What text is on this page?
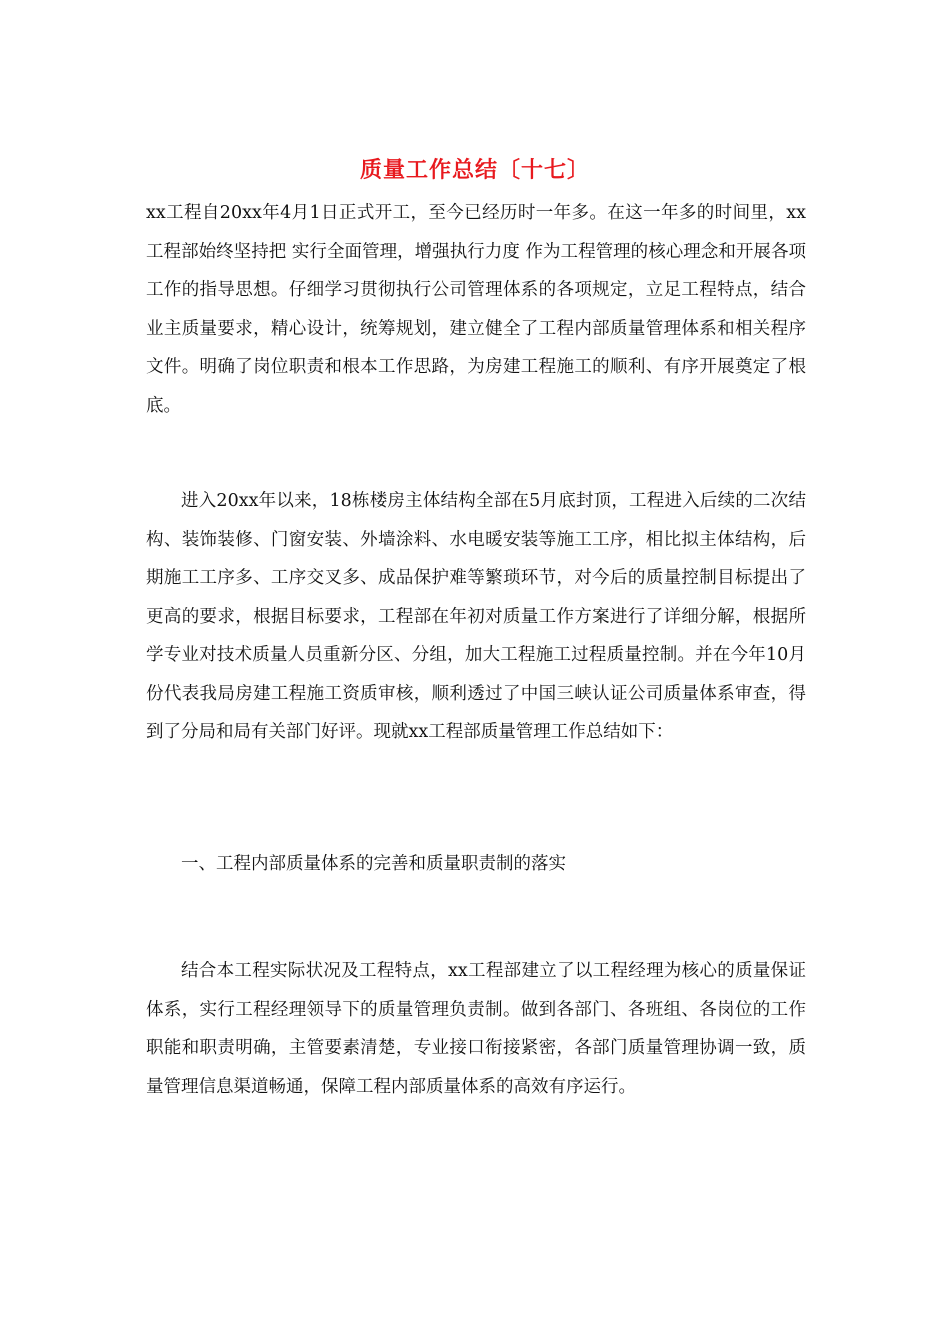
质量工作总结〔十七〕

xx工程自20xx年4月1日正式开工，至今已经历时一年多。在这一年多的时间里，xx工程部始终坚持把 实行全面管理，增强执行力度 作为工程管理的核心理念和开展各项工作的指导思想。仔细学习贯彻执行公司管理体系的各项规定，立足工程特点，结合业主质量要求，精心设计，统筹规划，建立健全了工程内部质量管理体系和相关程序文件。明确了岗位职责和根本工作思路，为房建工程施工的顺利、有序开展奠定了根底。

进入20xx年以来，18栋楼房主体结构全部在5月底封顶，工程进入后续的二次结构、装饰装修、门窗安装、外墙涂料、水电暖安装等施工工序，相比拟主体结构，后期施工工序多、工序交叉多、成品保护难等繁琐环节，对今后的质量控制目标提出了更高的要求，根据目标要求，工程部在年初对质量工作方案进行了详细分解，根据所学专业对技术质量人员重新分区、分组，加大工程施工过程质量控制。并在今年10月份代表我局房建工程施工资质审核，顺利透过了中国三峡认证公司质量体系审查，得到了分局和局有关部门好评。现就xx工程部质量管理工作总结如下：

一、工程内部质量体系的完善和质量职责制的落实

结合本工程实际状况及工程特点，xx工程部建立了以工程经理为核心的质量保证体系，实行工程经理领导下的质量管理负责制。做到各部门、各班组、各岗位的工作职能和职责明确，主管要素清楚，专业接口衔接紧密，各部门质量管理协调一致，质量管理信息渠道畅通，保障工程内部质量体系的高效有序运行。
